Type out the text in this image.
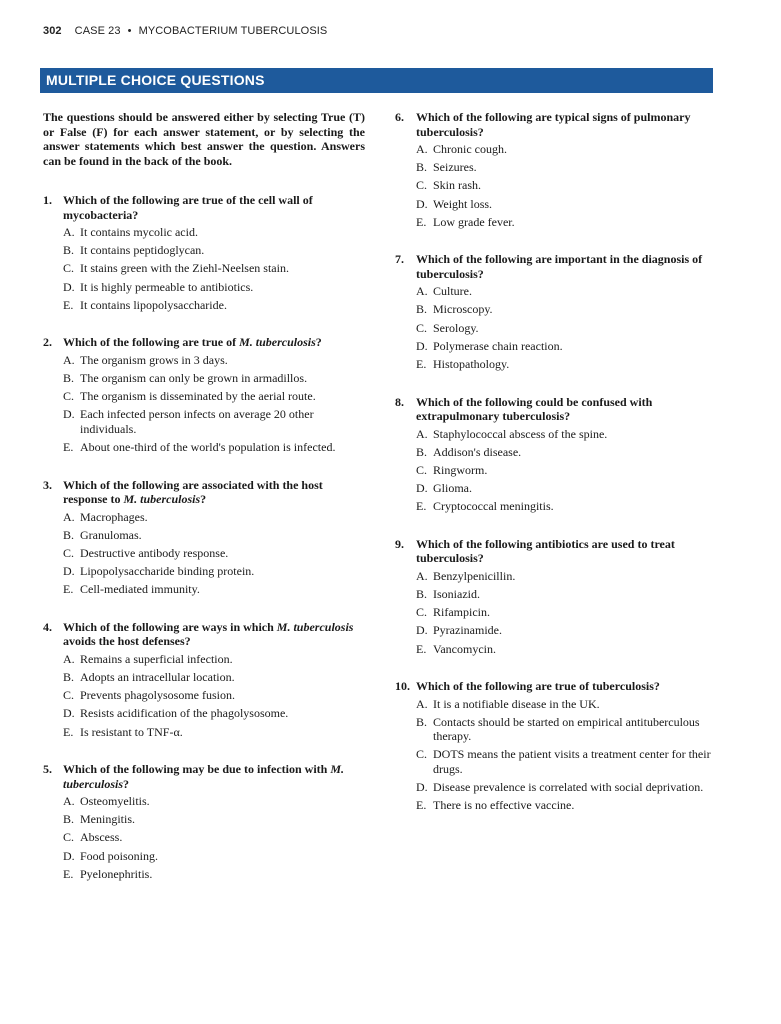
302 CASE 23 • MYCOBACTERIUM TUBERCULOSIS
MULTIPLE CHOICE QUESTIONS

The questions should be answered either by selecting True (T) or False (F) for each answer statement, or by selecting the answer statements which best answer the question. Answers can be found in the back of the book.

1. Which of the following are true of the cell wall of mycobacteria?
A. It contains mycolic acid.
B. It contains peptidoglycan.
C. It stains green with the Ziehl-Neelsen stain.
D. It is highly permeable to antibiotics.
E. It contains lipopolysaccharide.
2. Which of the following are true of M. tuberculosis?
A. The organism grows in 3 days.
B. The organism can only be grown in armadillos.
C. The organism is disseminated by the aerial route.
D. Each infected person infects on average 20 other individuals.
E. About one-third of the world's population is infected.
3. Which of the following are associated with the host response to M. tuberculosis?
A. Macrophages.
B. Granulomas.
C. Destructive antibody response.
D. Lipopolysaccharide binding protein.
E. Cell-mediated immunity.
4. Which of the following are ways in which M. tuberculosis avoids the host defenses?
A. Remains a superficial infection.
B. Adopts an intracellular location.
C. Prevents phagolysosome fusion.
D. Resists acidification of the phagolysosome.
E. Is resistant to TNF-α.
5. Which of the following may be due to infection with M. tuberculosis?
A. Osteomyelitis.
B. Meningitis.
C. Abscess.
D. Food poisoning.
E. Pyelonephritis.
6. Which of the following are typical signs of pulmonary tuberculosis?
A. Chronic cough.
B. Seizures.
C. Skin rash.
D. Weight loss.
E. Low grade fever.
7. Which of the following are important in the diagnosis of tuberculosis?
A. Culture.
B. Microscopy.
C. Serology.
D. Polymerase chain reaction.
E. Histopathology.
8. Which of the following could be confused with extrapulmonary tuberculosis?
A. Staphylococcal abscess of the spine.
B. Addison's disease.
C. Ringworm.
D. Glioma.
E. Cryptococcal meningitis.
9. Which of the following antibiotics are used to treat tuberculosis?
A. Benzylpenicillin.
B. Isoniazid.
C. Rifampicin.
D. Pyrazinamide.
E. Vancomycin.
10. Which of the following are true of tuberculosis?
A. It is a notifiable disease in the UK.
B. Contacts should be started on empirical antituberculous therapy.
C. DOTS means the patient visits a treatment center for their drugs.
D. Disease prevalence is correlated with social deprivation.
E. There is no effective vaccine.
